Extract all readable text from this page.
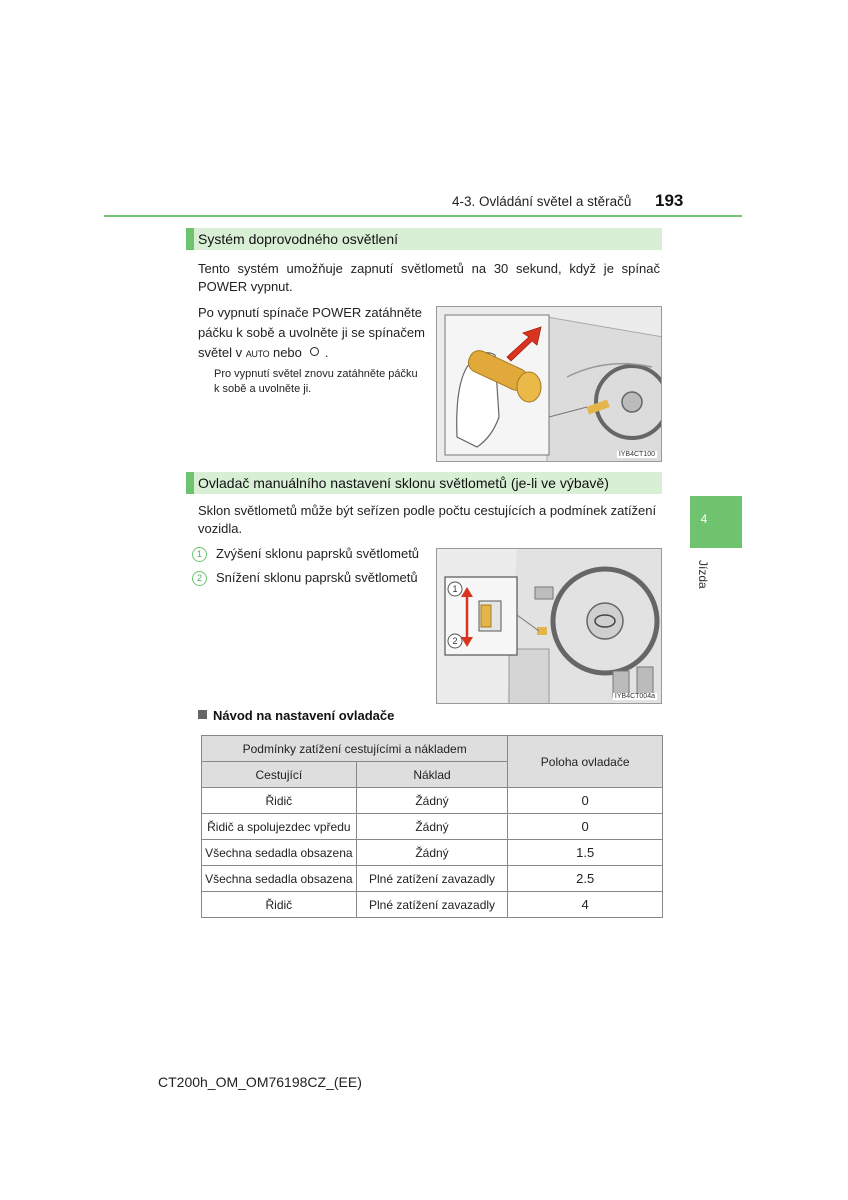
4-3. Ovládání světel a stěračů 193
4
Jízda
Systém doprovodného osvětlení
Tento systém umožňuje zapnutí světlometů na 30 sekund, když je spínač POWER vypnut.
Po vypnutí spínače POWER zatáhněte páčku k sobě a uvolněte ji se spínačem světel v AUTO nebo .
Pro vypnutí světel znovu zatáhněte páčku k sobě a uvolněte ji.
IYB4CT100
Ovladač manuálního nastavení sklonu světlometů (je-li ve výbavě)
Sklon světlometů může být seřízen podle počtu cestujících a podmínek zatížení vozidla.
1 Zvýšení sklonu paprsků světlometů
2 Snížení sklonu paprsků světlometů
1
2
IYB4CT004a
Návod na nastavení ovladače
Podmínky zatížení cestujícími a nákladem		Poloha ovladače
Cestující	Náklad	
Řidič	Žádný	0
Řidič a spolujezdec vpředu	Žádný	0
Všechna sedadla obsazena	Žádný	1.5
Všechna sedadla obsazena	Plné zatížení zavazadly	2.5
Řidič	Plné zatížení zavazadly	4
CT200h_OM_OM76198CZ_(EE)
